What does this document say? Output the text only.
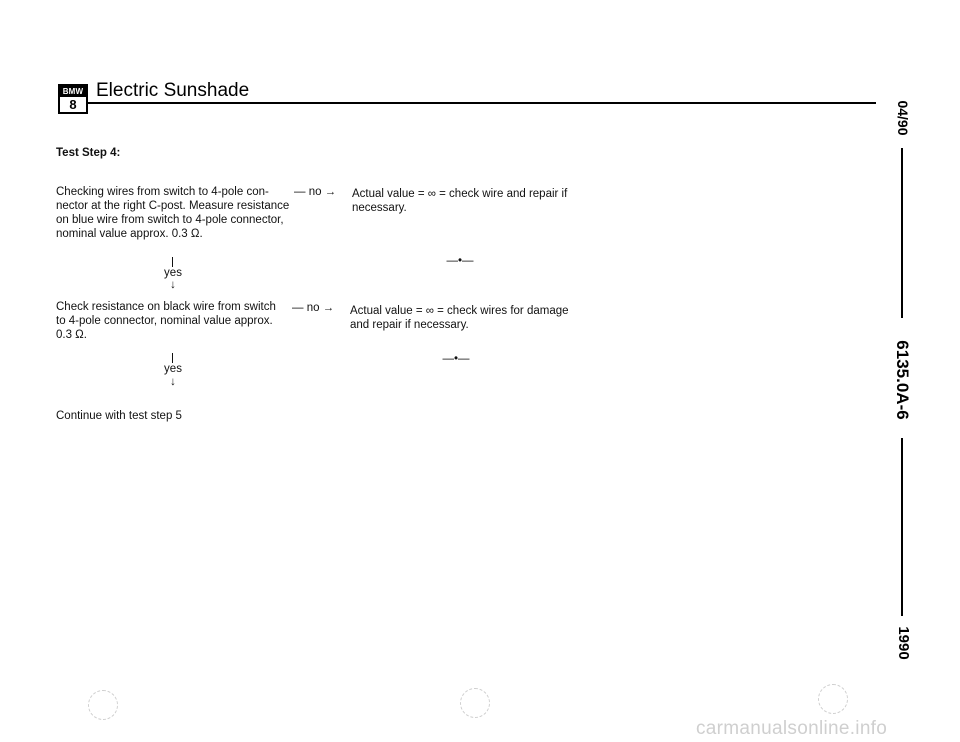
BMW
8
Electric Sunshade
Test Step 4:
Checking wires from switch to 4-pole con-
nector at the right C-post. Measure resistance
on blue wire from switch to 4-pole connector,
nominal value approx. 0.3 Ω.
— no → Actual value = ∞ = check wire and repair if
necessary.
—•—
yes
↓
Check resistance on black wire from switch
to 4-pole connector, nominal value approx.
0.3 Ω.
— no → Actual value = ∞ = check wires for damage
and repair if necessary.
—•—
yes
↓
Continue with test step 5
04/90
6135.0A-6
1990
carmanualsonline.info
